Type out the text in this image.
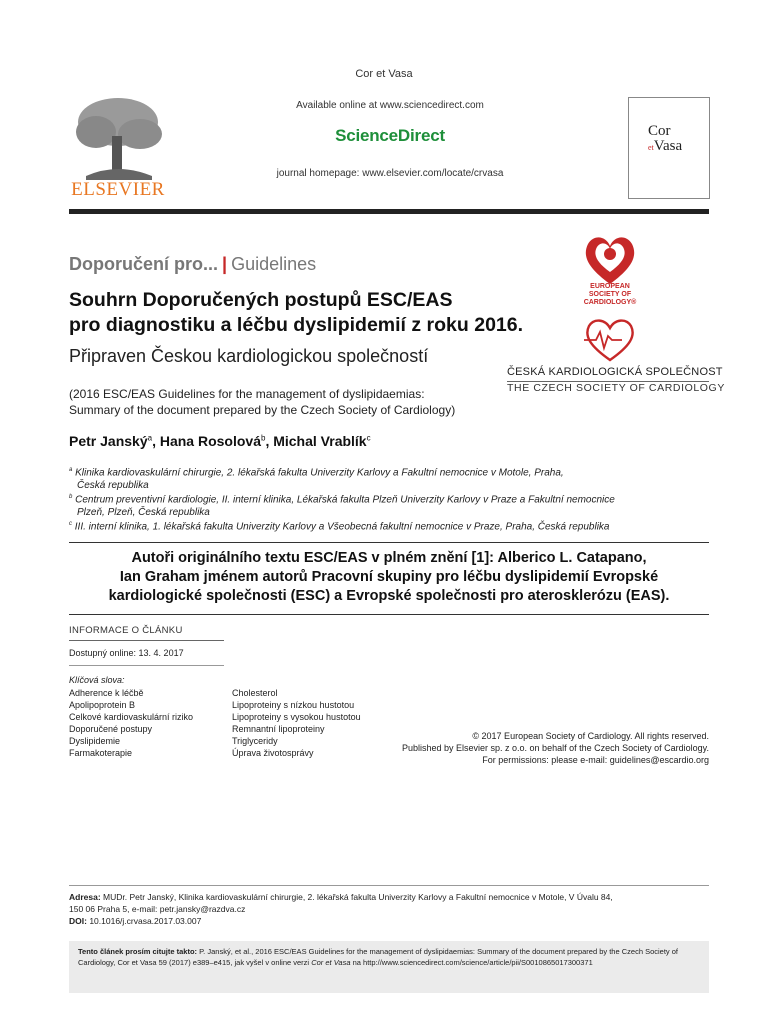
Cor et Vasa
ELSEVIER
Available online at www.sciencedirect.com
ScienceDirect
journal homepage: www.elsevier.com/locate/crvasa
Cor
etVasa
Doporučení pro... | Guidelines
Souhrn Doporučených postupů ESC/EAS
pro diagnostiku a léčbu dyslipidemií z roku 2016.
Připraven Českou kardiologickou společností
(2016 ESC/EAS Guidelines for the management of dyslipidaemias:
Summary of the document prepared by the Czech Society of Cardiology)
EUROPEAN
SOCIETY OF
CARDIOLOGY®
ČESKÁ KARDIOLOGICKÁ SPOLEČNOST
THE CZECH SOCIETY OF CARDIOLOGY
Petr Janský$^a$, Hana Rosolová$^b$, Michal Vrablík$^c$
$^a$ Klinika kardiovaskulární chirurgie, 2. lékařská fakulta Univerzity Karlovy a Fakultní nemocnice v Motole, Praha,
Česká republika
$^b$ Centrum preventivní kardiologie, II. interní klinika, Lékařská fakulta Plzeň Univerzity Karlovy v Praze a Fakultní nemocnice
Plzeň, Plzeň, Česká republika
$^c$ III. interní klinika, 1. lékařská fakulta Univerzity Karlovy a Všeobecná fakultní nemocnice v Praze, Praha, Česká republika
Autoři originálního textu ESC/EAS v plném znění [1]: Alberico L. Catapano,
Ian Graham jménem autorů Pracovní skupiny pro léčbu dyslipidemií Evropské
kardiologické společnosti (ESC) a Evropské společnosti pro aterosklerózu (EAS).
INFORMACE O ČLÁNKU
Dostupný online: 13. 4. 2017
Klíčová slova:
Adherence k léčbě
Apolipoprotein B
Celkové kardiovaskulární riziko
Doporučené postupy
Dyslipidemie
Farmakoterapie
Cholesterol
Lipoproteiny s nízkou hustotou
Lipoproteiny s vysokou hustotou
Remnantní lipoproteiny
Triglyceridy
Úprava životosprávy
© 2017 European Society of Cardiology. All rights reserved.
Published by Elsevier sp. z o.o. on behalf of the Czech Society of Cardiology.
For permissions: please e-mail: guidelines@escardio.org
Adresa: MUDr. Petr Janský, Klinika kardiovaskulární chirurgie, 2. lékařská fakulta Univerzity Karlovy a Fakultní nemocnice v Motole, V Úvalu 84,
150 06 Praha 5, e-mail: petr.jansky@razdva.cz
DOI: 10.1016/j.crvasa.2017.03.007
Tento článek prosím citujte takto: P. Janský, et al., 2016 ESC/EAS Guidelines for the management of dyslipidaemias: Summary of the document prepared by the Czech Society of
Cardiology, Cor et Vasa 59 (2017) e389–e415, jak vyšel v online verzi Cor et Vasa na http://www.sciencedirect.com/science/article/pii/S0010865017300371
